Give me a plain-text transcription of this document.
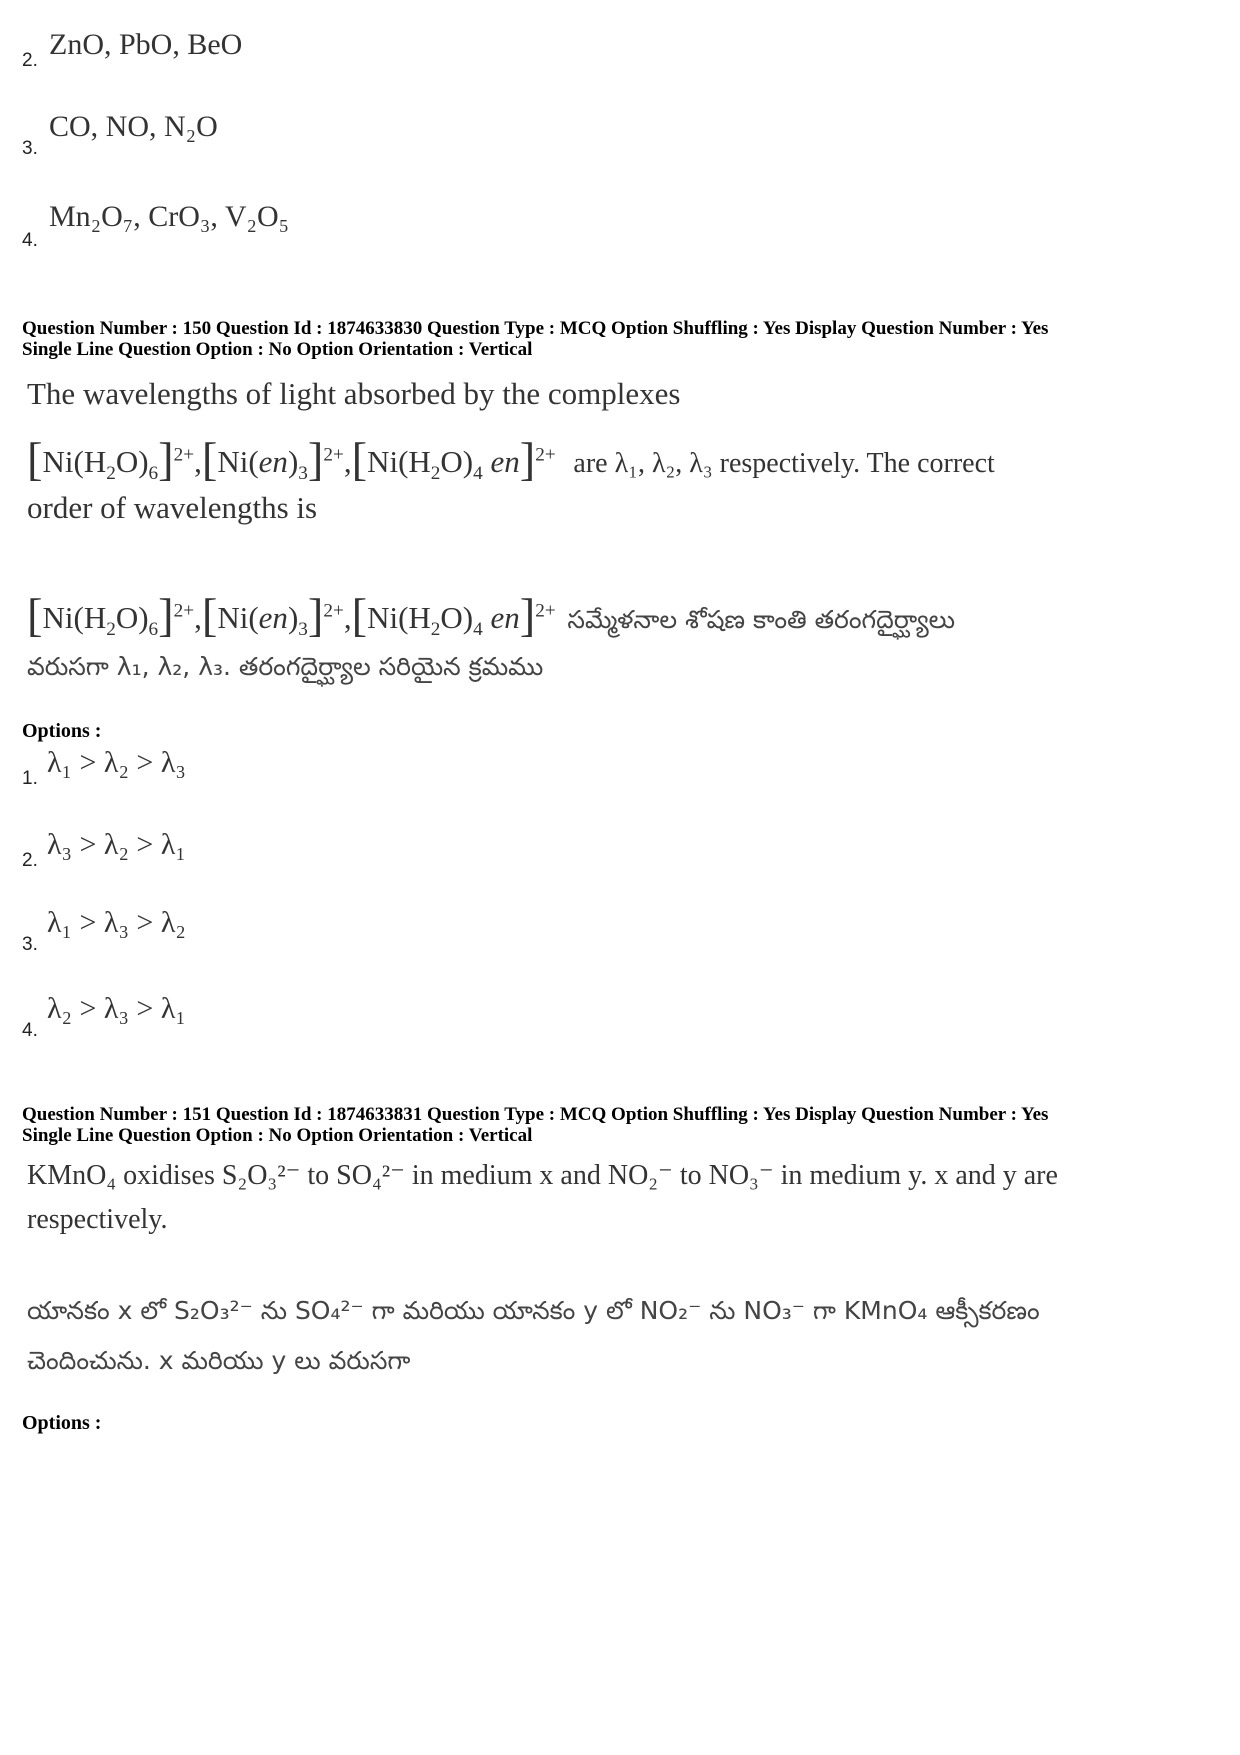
2. ZnO, PbO, BeO
3.
CO, NO, N₂O
4.
Mn₂O₇, CrO₃, V₂O₅
Question Number : 150 Question Id : 1874633830 Question Type : MCQ Option Shuffling : Yes Display Question Number : Yes
Single Line Question Option : No Option Orientation : Vertical
The wavelengths of light absorbed by the complexes
$[Ni(H_2O)_6]^{2+},[Ni(en)_3]^{2+},[Ni(H_2O)_4$ en]$^{2+}$ are λ₁, λ₂, λ₃ respectively. The correct
order of wavelengths is
$[Ni(H_2O)_6]^{2+},[Ni(en)_3]^{2+},[Ni(H_2O)_4$ en]$^{2+}$ సమ్మేళనాల శోషణ కాంతి తరంగదైర్ఘ్యాలు
వరుసగా λ₁, λ₂, λ₃. తరంగదైర్ఘ్యాల సరియైన క్రమము
Options :
1. λ₁ > λ₂ > λ₃
2. λ₃ > λ₂ > λ₁
3.
λ₁ > λ₃ > λ₂
4.
λ₂ > λ₃ > λ₁
Question Number : 151 Question Id : 1874633831 Question Type : MCQ Option Shuffling : Yes Display Question Number : Yes
Single Line Question Option : No Option Orientation : Vertical
KMnO₄ oxidises S₂O₃²⁻ to SO₄²⁻ in medium x and NO₂⁻ to NO₃⁻ in medium y. x and y are
respectively.
యానకం x లో S₂O₃²⁻ ను SO₄²⁻ గా మరియు యానకం y లో NO₂⁻ ను NO₃⁻ గా KMnO₄ ఆక్సీకరణం
చెందించును. x మరియు y లు వరుసగా
Options :
